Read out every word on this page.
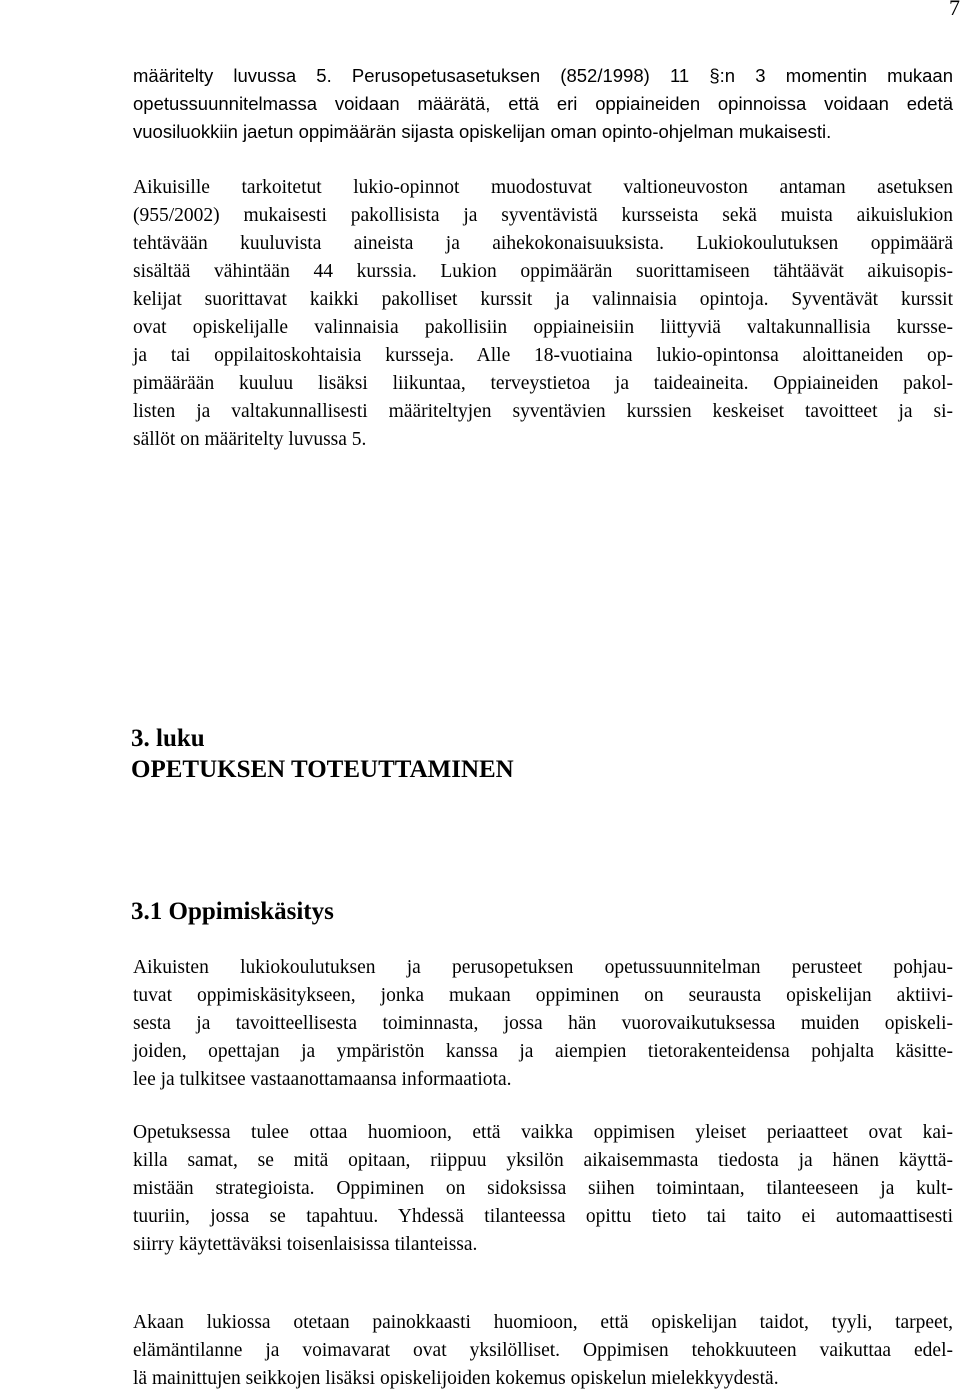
7

määritelty luvussa 5. Perusopetusasetuksen (852/1998) 11 §:n 3 momentin mukaan
opetussuunnitelmassa voidaan määrätä, että eri oppiaineiden opinnoissa voidaan edetä
vuosiluokkiin jaetun oppimäärän sijasta opiskelijan oman opinto-ohjelman mukaisesti.

Aikuisille tarkoitetut lukio-opinnot muodostuvat valtioneuvoston antaman asetuksen
(955/2002) mukaisesti pakollisista ja syventävistä kursseista sekä muista aikuislukion
tehtävään kuuluvista aineista ja aihekokonaisuuksista. Lukiokoulutuksen oppimäärä
sisältää vähintään 44 kurssia. Lukion oppimäärän suorittamiseen tähtäävät aikuisopis-
kelijat suorittavat kaikki pakolliset kurssit ja valinnaisia opintoja. Syventävät kurssit
ovat opiskelijalle valinnaisia pakollisiin oppiaineisiin liittyviä valtakunnallisia kursse-
ja tai oppilaitoskohtaisia kursseja. Alle 18-vuotiaina lukio-opintonsa aloittaneiden op-
pimäärään kuuluu lisäksi liikuntaa, terveystietoa ja taideaineita. Oppiaineiden pakol-
listen ja valtakunnallisesti määriteltyjen syventävien kurssien keskeiset tavoitteet ja si-
sällöt on määritelty luvussa 5.

3. luku
OPETUKSEN TOTEUTTAMINEN
3.1 Oppimiskäsitys

Aikuisten lukiokoulutuksen ja perusopetuksen opetussuunnitelman perusteet pohjau-
tuvat oppimiskäsitykseen, jonka mukaan oppiminen on seurausta opiskelijan aktiivi-
sesta ja tavoitteellisesta toiminnasta, jossa hän vuorovaikutuksessa muiden opiskeli-
joiden, opettajan ja ympäristön kanssa ja aiempien tietorakenteidensa pohjalta käsitte-
lee ja tulkitsee vastaanottamaansa informaatiota.

Opetuksessa tulee ottaa huomioon, että vaikka oppimisen yleiset periaatteet ovat kai-
killa samat, se mitä opitaan, riippuu yksilön aikaisemmasta tiedosta ja hänen käyttä-
mistään strategioista. Oppiminen on sidoksissa siihen toimintaan, tilanteeseen ja kult-
tuuriin, jossa se tapahtuu. Yhdessä tilanteessa opittu tieto tai taito ei automaattisesti
siirry käytettäväksi toisenlaisissa tilanteissa.

Akaan lukiossa otetaan painokkaasti huomioon, että opiskelijan taidot, tyyli, tarpeet,
elämäntilanne ja voimavarat ovat yksilölliset. Oppimisen tehokkuuteen vaikuttaa edel-
lä mainittujen seikkojen lisäksi opiskelijoiden kokemus opiskelun mielekkyydestä.
